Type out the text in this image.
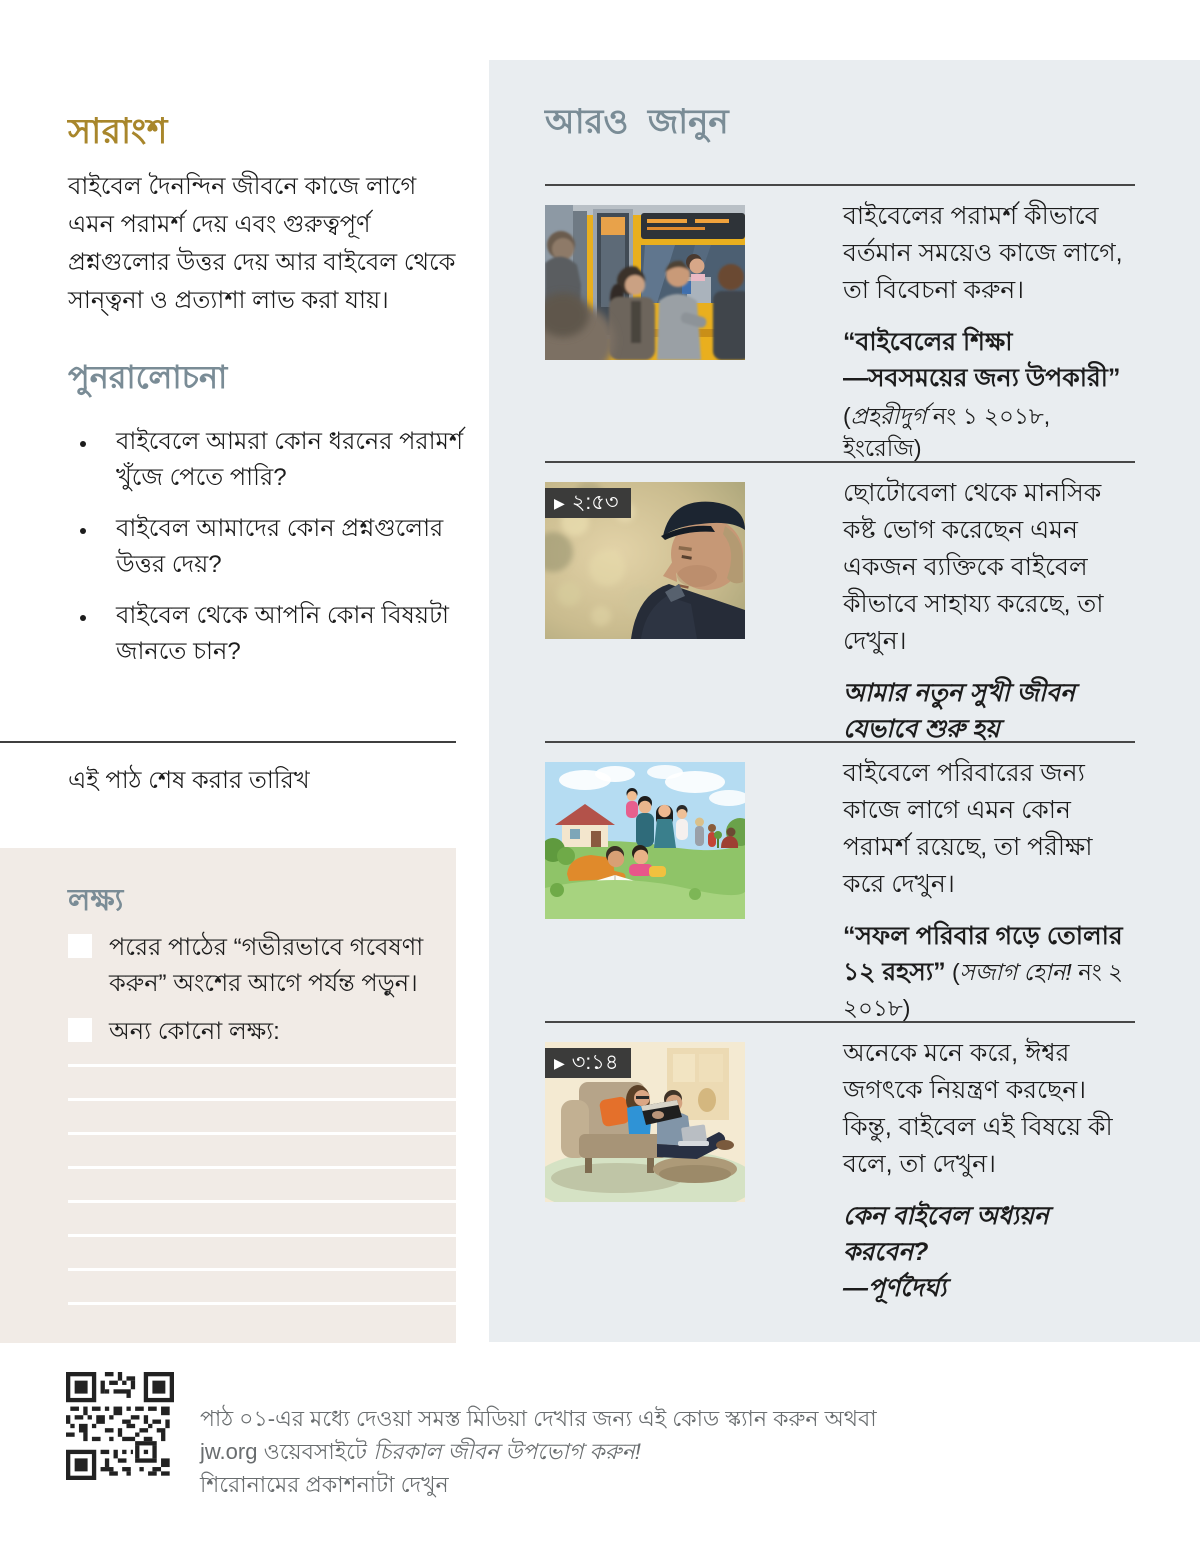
সারাংশ

বাইবেল দৈনন্দিন জীবনে কাজে লাগে এমন পরামর্শ দেয় এবং গুরুত্বপূর্ণ প্রশ্নগুলোর উত্তর দেয় আর বাইবেল থেকে সান্ত্বনা ও প্রত্যাশা লাভ করা যায়।

পুনরালোচনা
• বাইবেলে আমরা কোন ধরনের পরামর্শ খুঁজে পেতে পারি?
• বাইবেল আমাদের কোন প্রশ্নগুলোর উত্তর দেয়?
• বাইবেল থেকে আপনি কোন বিষয়টা জানতে চান?
এই পাঠ শেষ করার তারিখ
লক্ষ্য
পরের পাঠের “গভীরভাবে গবেষণা করুন” অংশের আগে পর্যন্ত পড়ুন।
অন্য কোনো লক্ষ্য:
আরও জানুন

বাইবেলের পরামর্শ কীভাবে বর্তমান সময়েও কাজে লাগে, তা বিবেচনা করুন।

“বাইবেলের শিক্ষা
—সবসময়ের জন্য উপকারী”

(প্রহরীদুর্গ নং ১ ২০১৮, ইংরেজি)

▶ ২:৫৩	ছোটোবেলা থেকে মানসিক কষ্ট ভোগ করেছেন এমন একজন ব্যক্তিকে বাইবেল কীভাবে সাহায্য করেছে, তা দেখুন।

আমার নতুন সুখী জীবন
যেভাবে শুরু হয়

বাইবেলে পরিবারের জন্য কাজে লাগে এমন কোন পরামর্শ রয়েছে, তা পরীক্ষা করে দেখুন।

“সফল পরিবার গড়ে তোলার ১২ রহস্য” (সজাগ হোন! নং ২ ২০১৮)

▶ ৩:১৪	অনেকে মনে করে, ঈশ্বর জগৎকে নিয়ন্ত্রণ করছেন। কিন্তু, বাইবেল এই বিষয়ে কী বলে, তা দেখুন।

কেন বাইবেল অধ্যয়ন করবেন?
—পূর্ণদৈর্ঘ্য

পাঠ ০১-এর মধ্যে দেওয়া সমস্ত মিডিয়া দেখার জন্য এই কোড স্ক্যান করুন অথবা

jw.org ওয়েবসাইটে চিরকাল জীবন উপভোগ করুন!

শিরোনামের প্রকাশনাটা দেখুন
